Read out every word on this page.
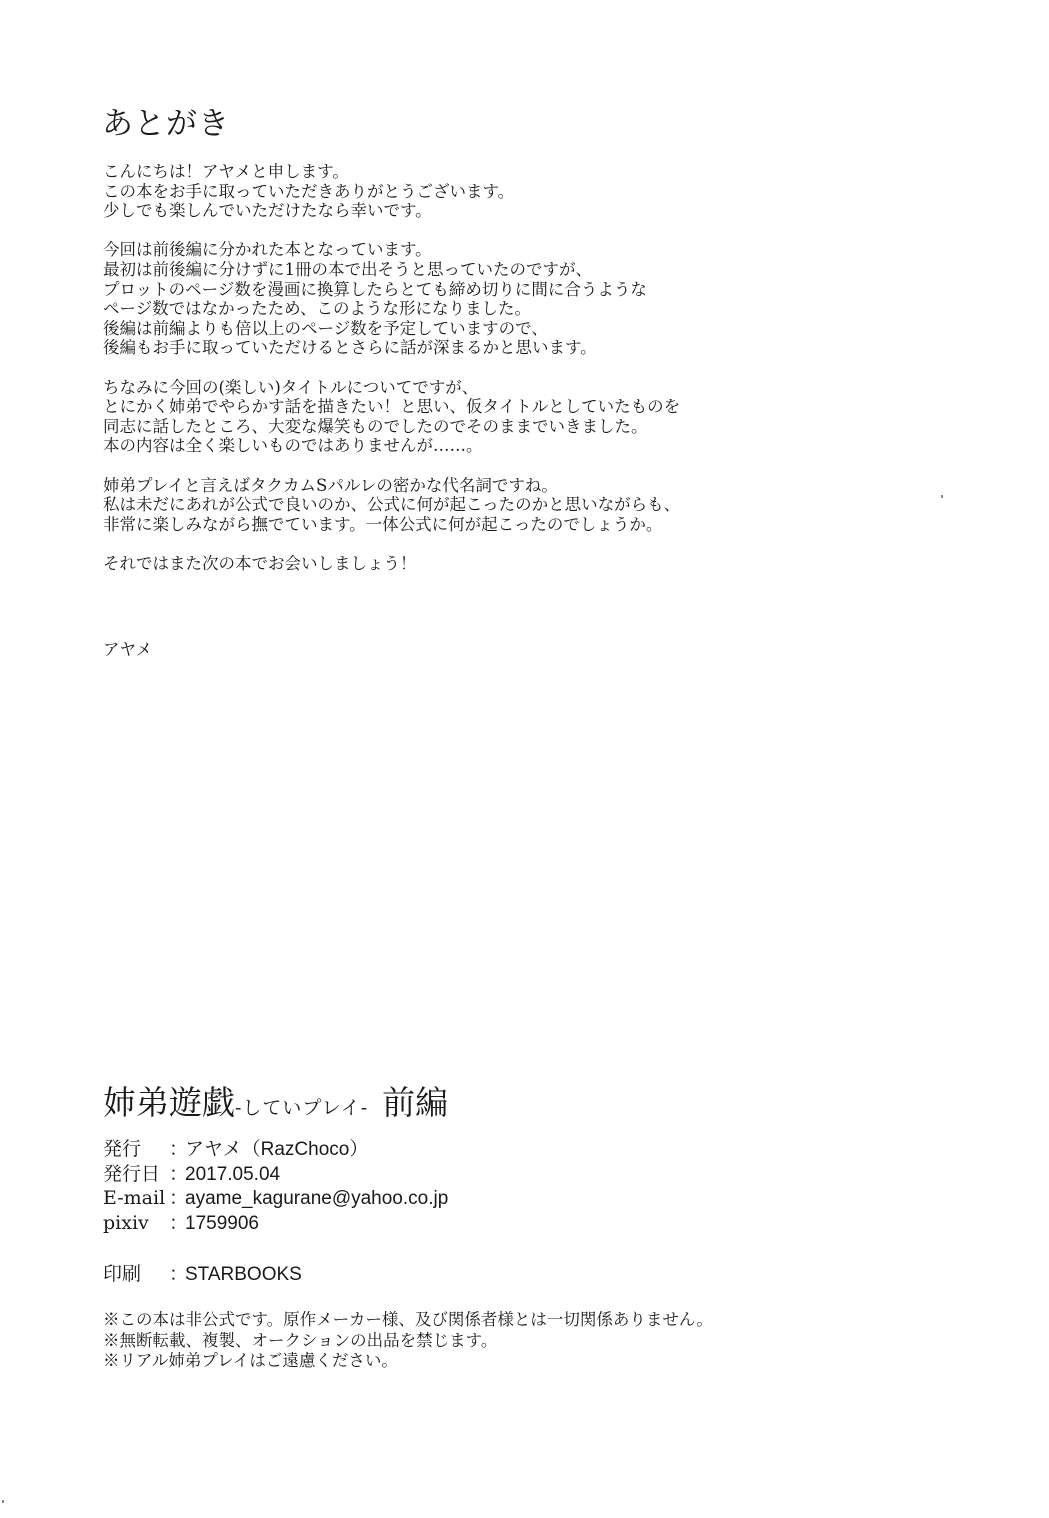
あとがき

こんにちは！アヤメと申します。
この本をお手に取っていただきありがとうございます。
少しでも楽しんでいただけたなら幸いです。

今回は前後編に分かれた本となっています。
最初は前後編に分けずに1冊の本で出そうと思っていたのですが、
プロットのページ数を漫画に換算したらとても締め切りに間に合うような
ページ数ではなかったため、このような形になりました。
後編は前編よりも倍以上のページ数を予定していますので、
後編もお手に取っていただけるとさらに話が深まるかと思います。

ちなみに今回の(楽しい)タイトルについてですが、
とにかく姉弟でやらかす話を描きたい！と思い、仮タイトルとしていたものを
同志に話したところ、大変な爆笑ものでしたのでそのままでいきました。
本の内容は全く楽しいものではありませんが……。

姉弟プレイと言えばタクカムSパルレの密かな代名詞ですね。
私は未だにあれが公式で良いのか、公式に何が起こったのかと思いながらも、
非常に楽しみながら撫でています。一体公式に何が起こったのでしょうか。

それではまた次の本でお会いしましょう！

アヤメ
姉弟遊戯-していプレイ- 前編
発行 ：アヤメ（RazChoco）
発行日 ：2017.05.04
E-mail ：ayame_kagurane@yahoo.co.jp
pixiv ：1759906
印刷 ：STARBOOKS
※この本は非公式です。原作メーカー様、及び関係者様とは一切関係ありません。
※無断転載、複製、オークションの出品を禁じます。
※リアル姉弟プレイはご遠慮ください。
